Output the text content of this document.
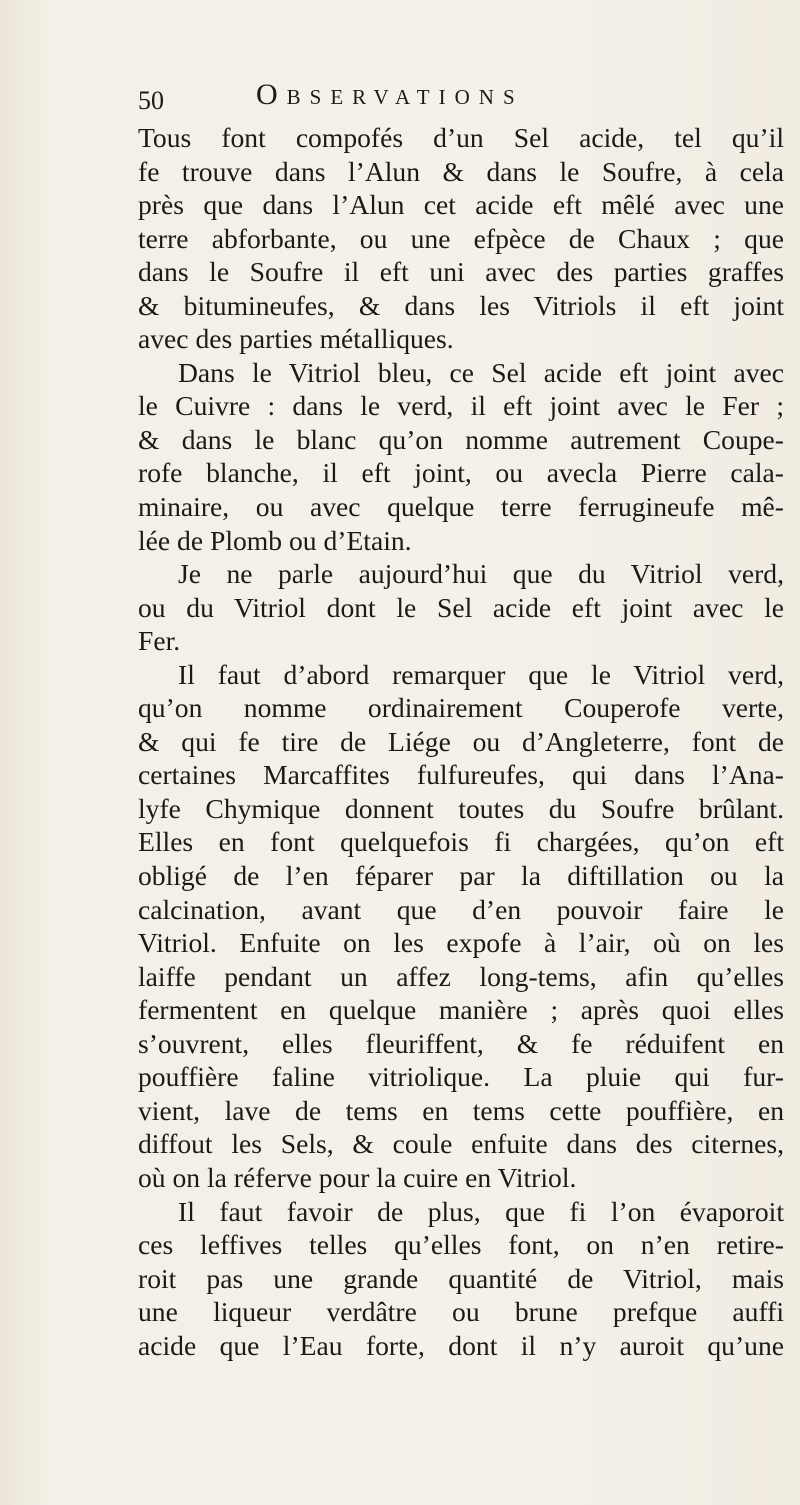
50	Observations
Tous font compofés d’un Sel acide, tel qu’il
fe trouve dans l’Alun & dans le Soufre, à cela
près que dans l’Alun cet acide eft mêlé avec une
terre abforbante, ou une efpèce de Chaux ; que
dans le Soufre il eft uni avec des parties graffes
& bitumineufes, & dans les Vitriols il eft joint
avec des parties métalliques.
Dans le Vitriol bleu, ce Sel acide eft joint avec
le Cuivre : dans le verd, il eft joint avec le Fer ;
& dans le blanc qu’on nomme autrement Coupe-
rofe blanche, il eft joint, ou avecla Pierre cala-
minaire, ou avec quelque terre ferrugineufe mê-
lée de Plomb ou d’Etain.
Je ne parle aujourd’hui que du Vitriol verd,
ou du Vitriol dont le Sel acide eft joint avec le
Fer.
Il faut d’abord remarquer que le Vitriol verd,
qu’on nomme ordinairement Couperofe verte,
& qui fe tire de Liége ou d’Angleterre, font de
certaines Marcaffites fulfureufes, qui dans l’Ana-
lyfe Chymique donnent toutes du Soufre brûlant.
Elles en font quelquefois fi chargées, qu’on eft
obligé de l’en féparer par la diftillation ou la
calcination, avant que d’en pouvoir faire le
Vitriol. Enfuite on les expofe à l’air, où on les
laiffe pendant un affez long-tems, afin qu’elles
fermentent en quelque manière ; après quoi elles
s’ouvrent, elles fleuriffent, & fe réduifent en
pouffière faline vitriolique. La pluie qui fur-
vient, lave de tems en tems cette pouffière, en
diffout les Sels, & coule enfuite dans des citernes,
où on la réferve pour la cuire en Vitriol.
Il faut favoir de plus, que fi l’on évaporoit
ces leffives telles qu’elles font, on n’en retire-
roit pas une grande quantité de Vitriol, mais
une liqueur verdâtre ou brune prefque auffi
acide que l’Eau forte, dont il n’y auroit qu’une
